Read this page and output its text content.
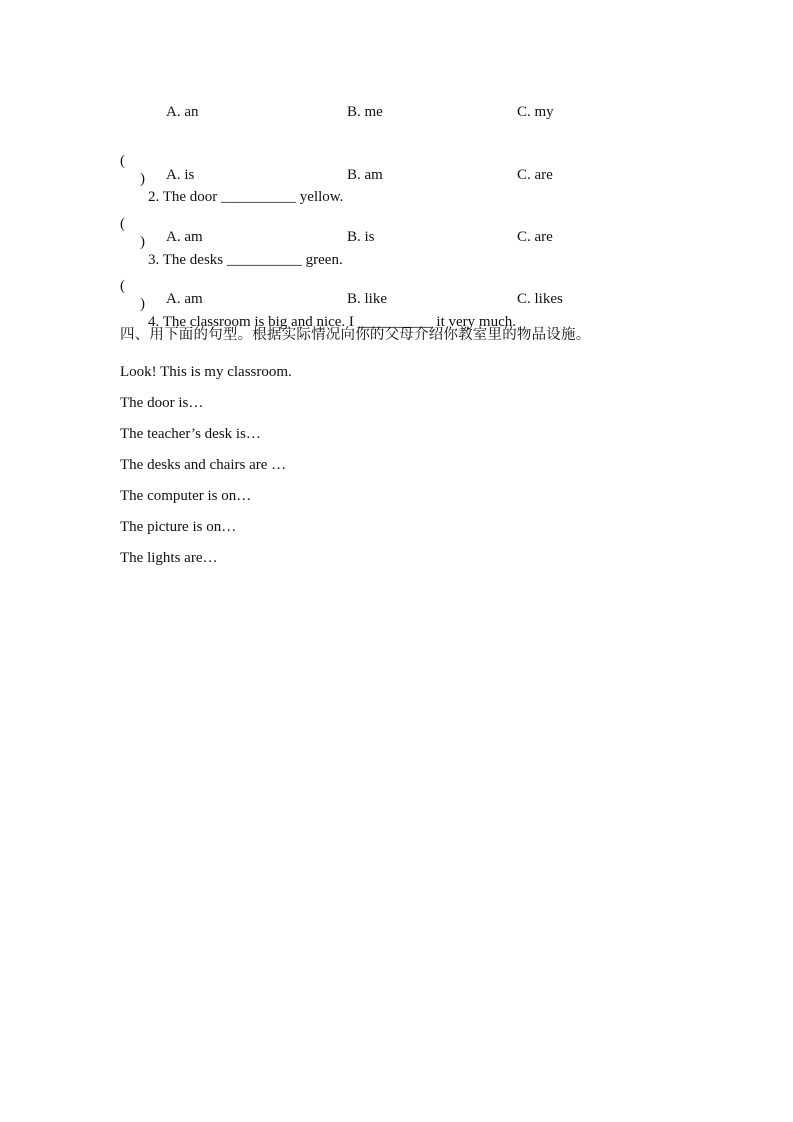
A. an	B. me	C. my

(

)

2. The door __________ yellow.

A. is	B. am	C. are

(

)

3. The desks __________ green.

A. am	B. is	C. are

(

)

4. The classroom is big and nice. I __________ it very much.

A. am	B. like	C. likes
四、用下面的句型。根据实际情况向你的父母介绍你教室里的物品设施。
Look! This is my classroom.
The door is…
The teacher’s desk is…
The desks and chairs are …
The computer is on…
The picture is on…
The lights are…
